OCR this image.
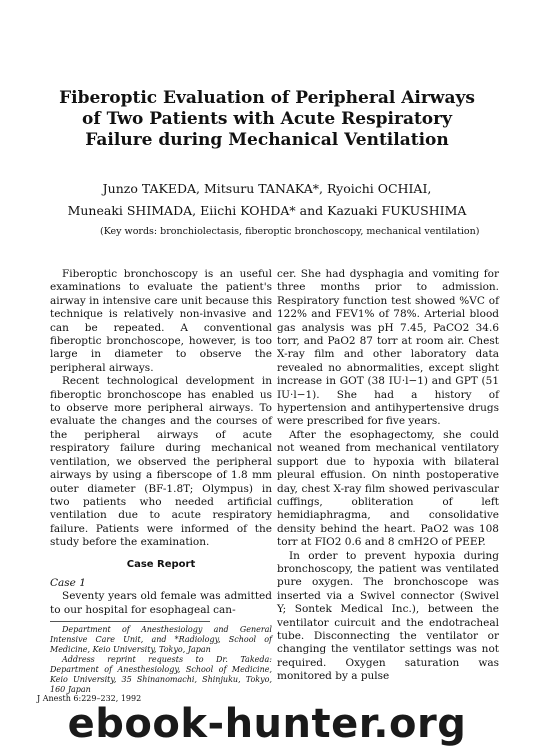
Fiberoptic Evaluation of Peripheral Airways
of Two Patients with Acute Respiratory
Failure during Mechanical Ventilation
Junzo TAKEDA, Mitsuru TANAKA*, Ryoichi OCHIAI,
Muneaki SHIMADA, Eiichi KOHDA* and Kazuaki FUKUSHIMA
(Key words: bronchiolectasis, fiberoptic bronchoscopy, mechanical ventilation)

Fiberoptic bronchoscopy is an useful examinations to evaluate the patient's airway in intensive care unit because this technique is relatively non-invasive and can be repeated. A conventional fiberoptic bronchoscope, however, is too large in diameter to observe the peripheral airways.

Recent technological development in fiberoptic bronchoscope has enabled us to observe more peripheral airways. To evaluate the changes and the courses of the peripheral airways of acute respiratory failure during mechanical ventilation, we observed the peripheral airways by using a fiberscope of 1.8 mm outer diameter (BF-1.8T; Olympus) in two patients who needed artificial ventilation due to acute respiratory failure. Patients were informed of the study before the examination.

Case Report

Case 1

Seventy years old female was admitted to our hospital for esophageal can-

Department of Anesthesiology and General Intensive Care Unit, and *Radiology, School of Medicine, Keio University, Tokyo, Japan

Address reprint requests to Dr. Takeda: Department of Anesthesiology, School of Medicine, Keio University, 35 Shinanomachi, Shinjuku, Tokyo, 160 Japan

cer. She had dysphagia and vomiting for three months prior to admission. Respiratory function test showed %VC of 122% and FEV1% of 78%. Arterial blood gas analysis was pH 7.45, PaCO2 34.6 torr, and PaO2 87 torr at room air. Chest X-ray film and other laboratory data revealed no abnormalities, except slight increase in GOT (38 IU·l−1) and GPT (51 IU·l−1). She had a history of hypertension and antihypertensive drugs were prescribed for five years.

After the esophagectomy, she could not weaned from mechanical ventilatory support due to hypoxia with bilateral pleural effusion. On ninth postoperative day, chest X-ray film showed perivascular cuffings, obliteration of left hemidiaphragma, and consolidative density behind the heart. PaO2 was 108 torr at FIO2 0.6 and 8 cmH2O of PEEP.

In order to prevent hypoxia during bronchoscopy, the patient was ventilated pure oxygen. The bronchoscope was inserted via a Swivel connector (Swivel Y; Sontek Medical Inc.), between the ventilator cuircuit and the endotracheal tube. Disconnecting the ventilator or changing the ventilator settings was not required. Oxygen saturation was monitored by a pulse

J Anesth 6:229–232, 1992
ebook-hunter.org
